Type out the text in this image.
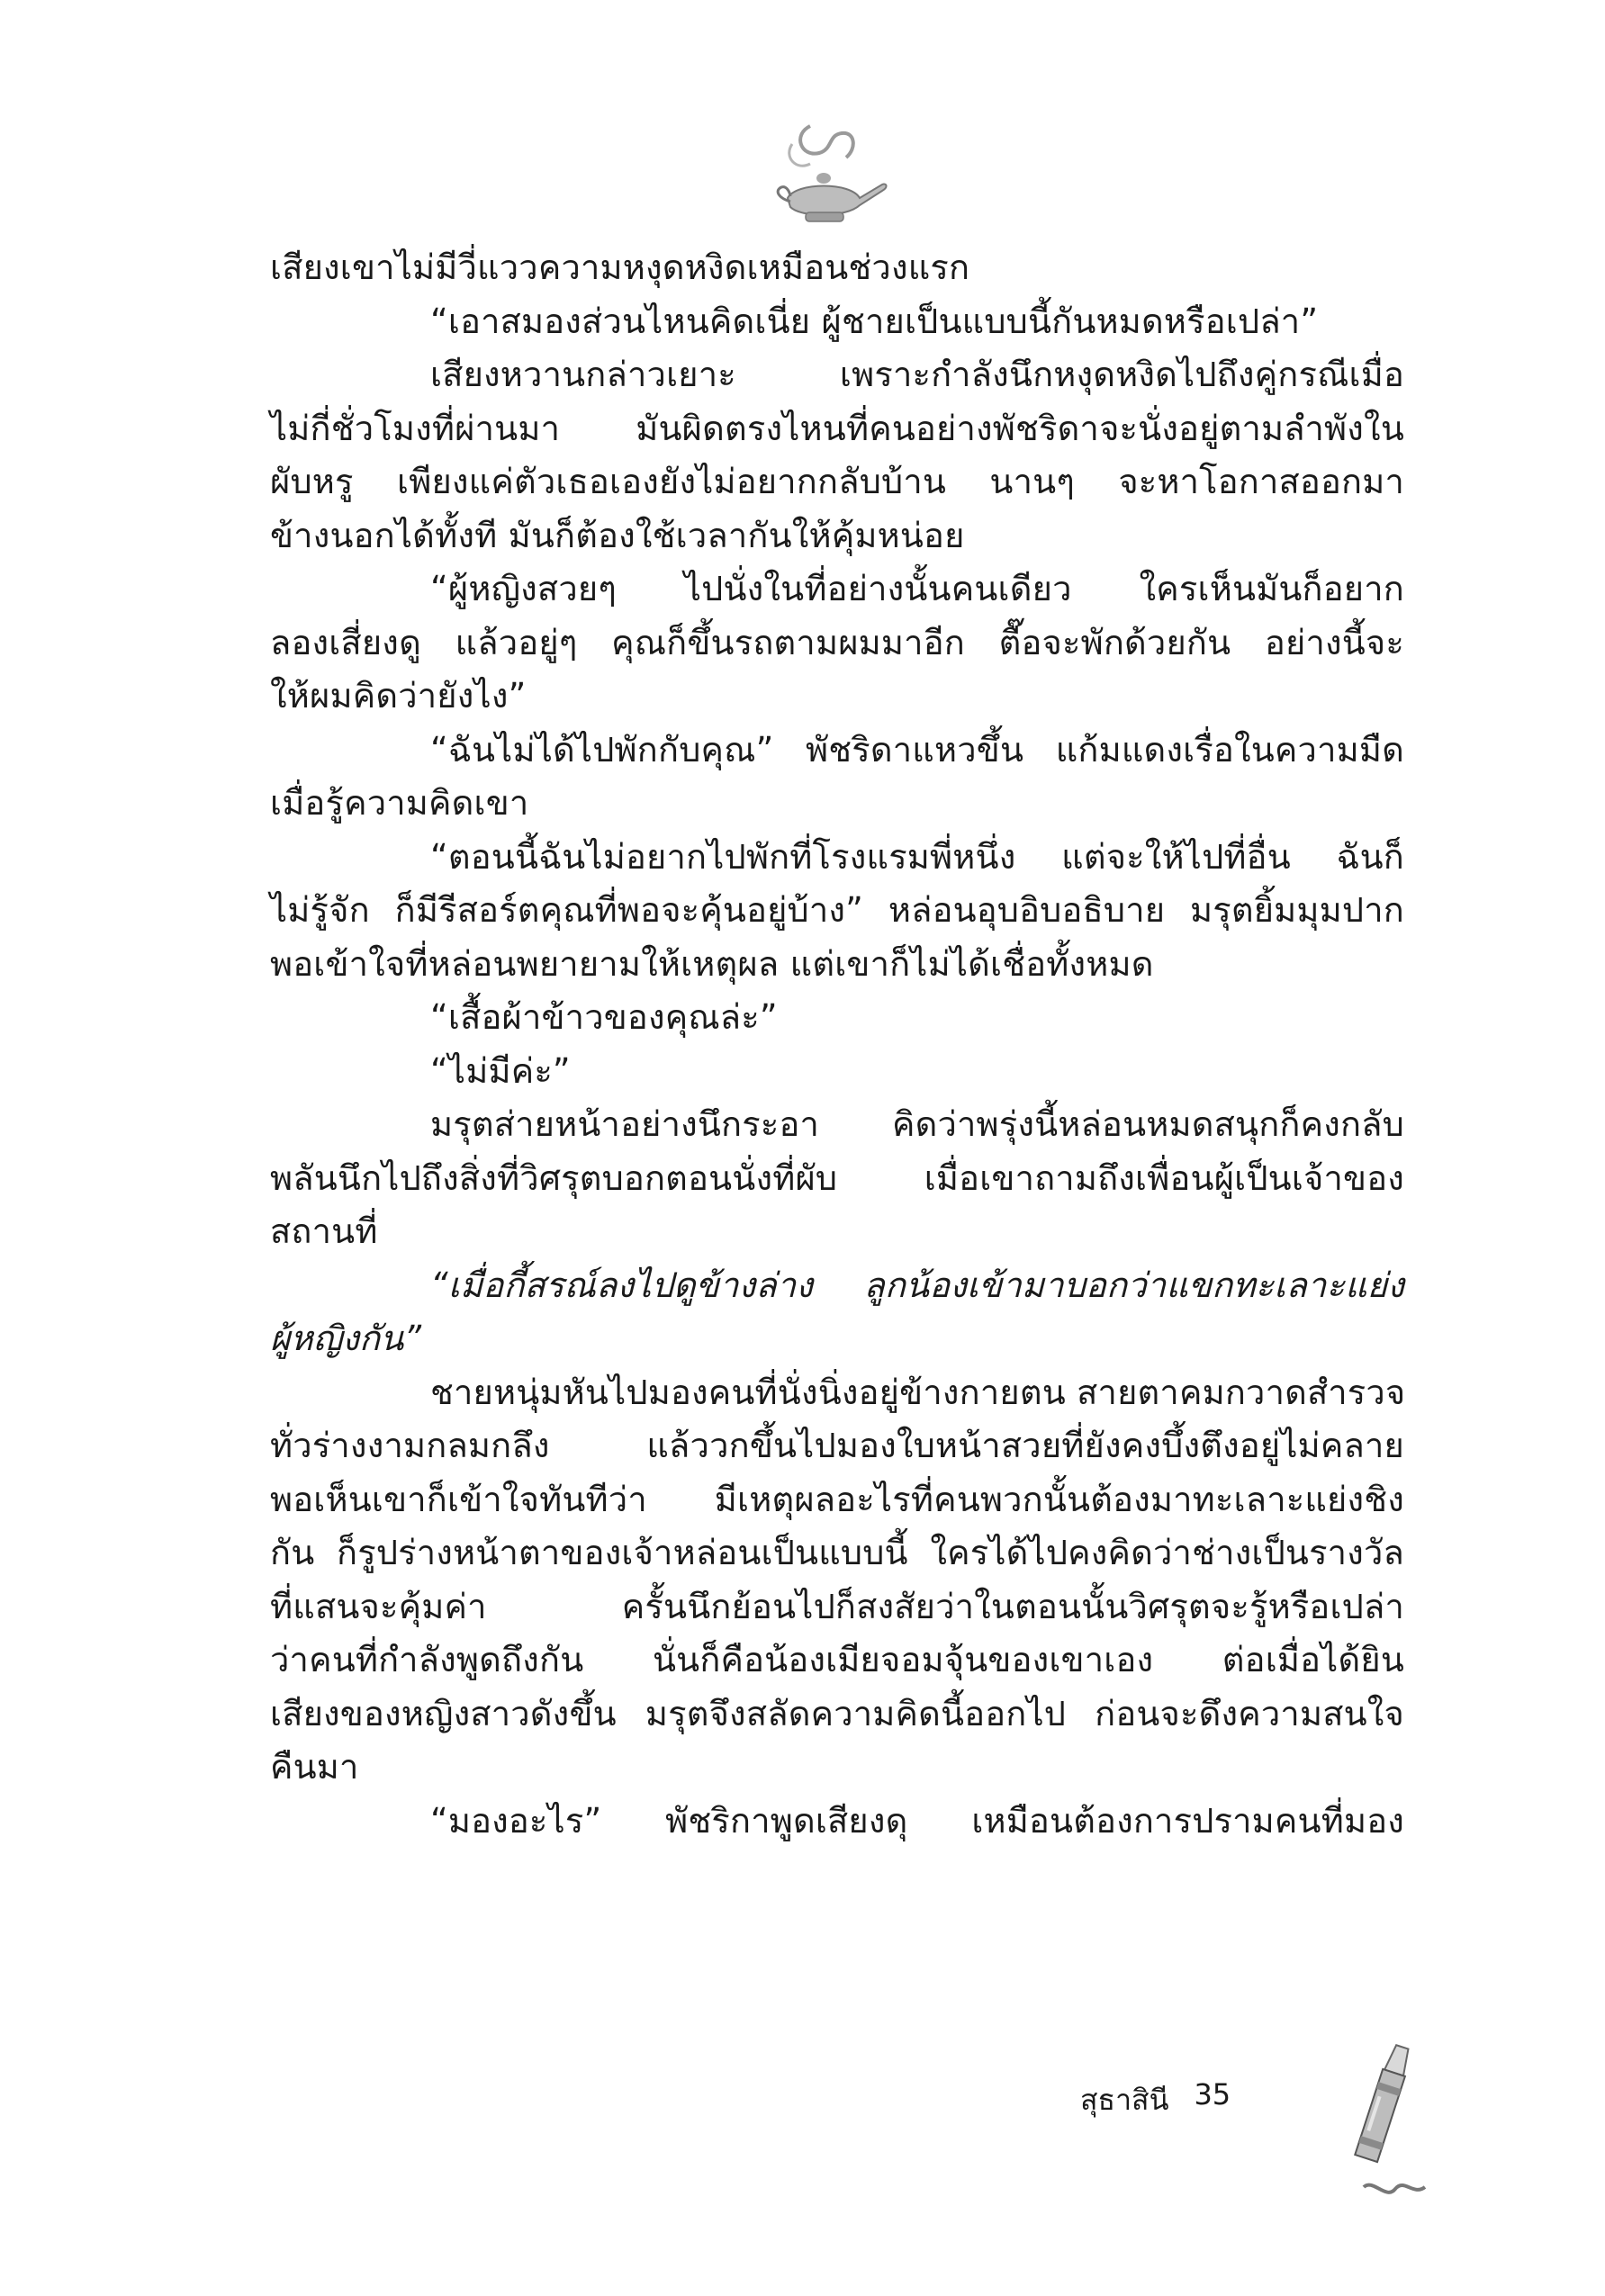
เสียงเขาไม่มีวี่แววความหงุดหงิดเหมือนช่วงแรก
“เอาสมองส่วนไหนคิดเนี่ย ผู้ชายเป็นแบบนี้กันหมดหรือเปล่า”
เสียงหวานกล่าวเยาะ เพราะกำลังนึกหงุดหงิดไปถึงคู่กรณีเมื่อ
ไม่กี่ชั่วโมงที่ผ่านมา มันผิดตรงไหนที่คนอย่างพัชริดาจะนั่งอยู่ตามลำพังใน
ผับหรู เพียงแค่ตัวเธอเองยังไม่อยากกลับบ้าน นานๆ จะหาโอกาสออกมา
ข้างนอกได้ทั้งที มันก็ต้องใช้เวลากันให้คุ้มหน่อย
“ผู้หญิงสวยๆ ไปนั่งในที่อย่างนั้นคนเดียว ใครเห็นมันก็อยาก
ลองเสี่ยงดู แล้วอยู่ๆ คุณก็ขึ้นรถตามผมมาอีก ตื๊อจะพักด้วยกัน อย่างนี้จะ
ให้ผมคิดว่ายังไง”
“ฉันไม่ได้ไปพักกับคุณ” พัชริดาแหวขึ้น แก้มแดงเรื่อในความมืด
เมื่อรู้ความคิดเขา
“ตอนนี้ฉันไม่อยากไปพักที่โรงแรมพี่หนึ่ง แต่จะให้ไปที่อื่น ฉันก็
ไม่รู้จัก ก็มีรีสอร์ตคุณที่พอจะคุ้นอยู่บ้าง” หล่อนอุบอิบอธิบาย มรุตยิ้มมุมปาก
พอเข้าใจที่หล่อนพยายามให้เหตุผล แต่เขาก็ไม่ได้เชื่อทั้งหมด
“เสื้อผ้าข้าวของคุณล่ะ”
“ไม่มีค่ะ”
มรุตส่ายหน้าอย่างนึกระอา คิดว่าพรุ่งนี้หล่อนหมดสนุกก็คงกลับ
พลันนึกไปถึงสิ่งที่วิศรุตบอกตอนนั่งที่ผับ เมื่อเขาถามถึงเพื่อนผู้เป็นเจ้าของ
สถานที่
“เมื่อกี้สรณ์ลงไปดูข้างล่าง ลูกน้องเข้ามาบอกว่าแขกทะเลาะแย่ง
ผู้หญิงกัน”
ชายหนุ่มหันไปมองคนที่นั่งนิ่งอยู่ข้างกายตน สายตาคมกวาดสำรวจ
ทั่วร่างงามกลมกลึง แล้ววกขึ้นไปมองใบหน้าสวยที่ยังคงบึ้งตึงอยู่ไม่คลาย
พอเห็นเขาก็เข้าใจทันทีว่า มีเหตุผลอะไรที่คนพวกนั้นต้องมาทะเลาะแย่งชิง
กัน ก็รูปร่างหน้าตาของเจ้าหล่อนเป็นแบบนี้ ใครได้ไปคงคิดว่าช่างเป็นรางวัล
ที่แสนจะคุ้มค่า ครั้นนึกย้อนไปก็สงสัยว่าในตอนนั้นวิศรุตจะรู้หรือเปล่า
ว่าคนที่กำลังพูดถึงกัน นั่นก็คือน้องเมียจอมจุ้นของเขาเอง ต่อเมื่อได้ยิน
เสียงของหญิงสาวดังขึ้น มรุตจึงสลัดความคิดนี้ออกไป ก่อนจะดึงความสนใจ
คืนมา
“มองอะไร” พัชริกาพูดเสียงดุ เหมือนต้องการปรามคนที่มอง
สุธาสินี 35
